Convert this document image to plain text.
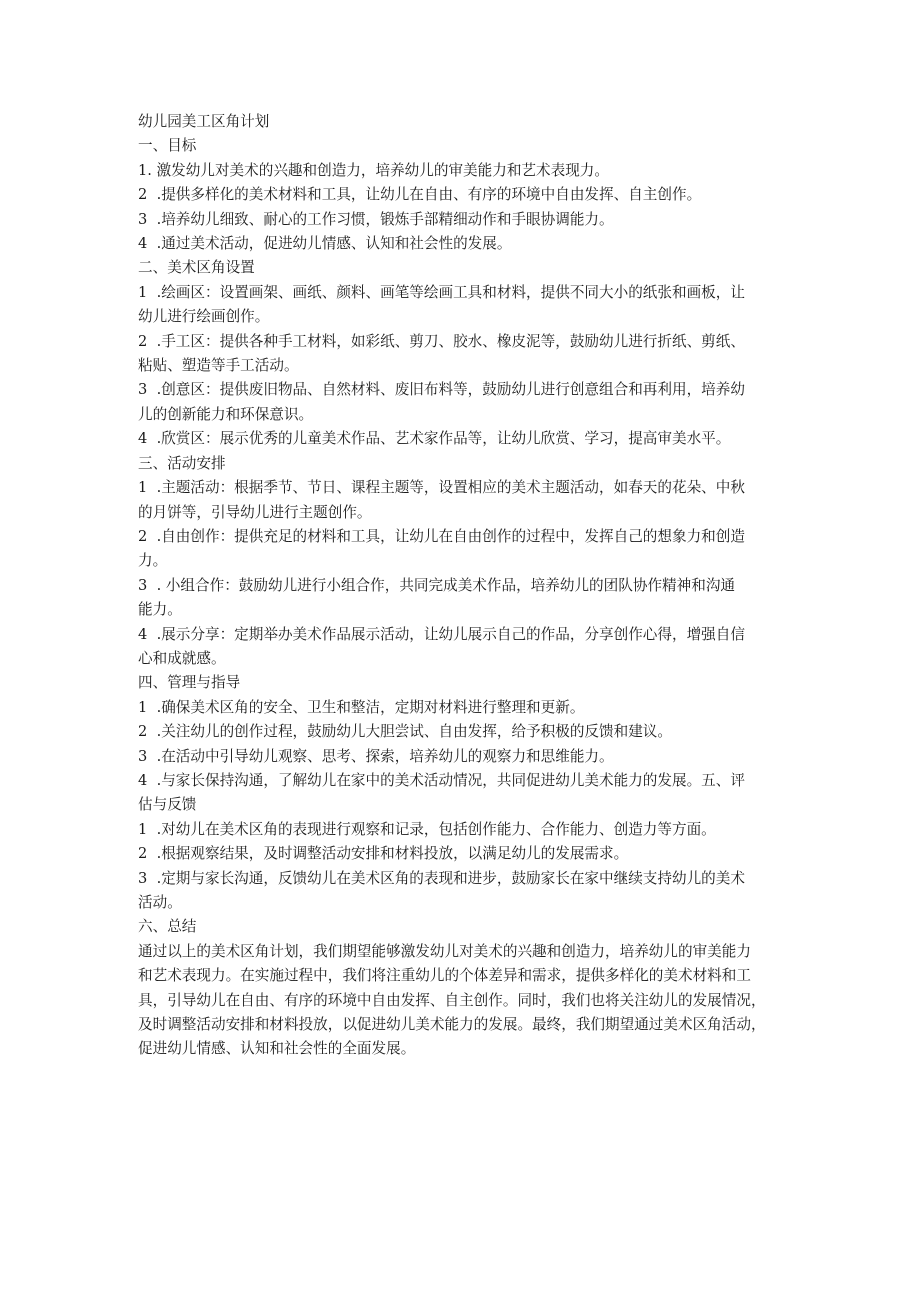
幼儿园美工区角计划
一、目标
1. 激发幼儿对美术的兴趣和创造力，培养幼儿的审美能力和艺术表现力。
2  .提供多样化的美术材料和工具，让幼儿在自由、有序的环境中自由发挥、自主创作。
3  .培养幼儿细致、耐心的工作习惯，锻炼手部精细动作和手眼协调能力。
4  .通过美术活动，促进幼儿情感、认知和社会性的发展。
二、美术区角设置
1  .绘画区：设置画架、画纸、颜料、画笔等绘画工具和材料，提供不同大小的纸张和画板，让
幼儿进行绘画创作。
2  .手工区：提供各种手工材料，如彩纸、剪刀、胶水、橡皮泥等，鼓励幼儿进行折纸、剪纸、
粘贴、塑造等手工活动。
3  .创意区：提供废旧物品、自然材料、废旧布料等，鼓励幼儿进行创意组合和再利用，培养幼
儿的创新能力和环保意识。
4  .欣赏区：展示优秀的儿童美术作品、艺术家作品等，让幼儿欣赏、学习，提高审美水平。
三、活动安排
1  .主题活动：根据季节、节日、课程主题等，设置相应的美术主题活动，如春天的花朵、中秋
的月饼等，引导幼儿进行主题创作。
2  .自由创作：提供充足的材料和工具，让幼儿在自由创作的过程中，发挥自己的想象力和创造
力。
3  . 小组合作：鼓励幼儿进行小组合作，共同完成美术作品，培养幼儿的团队协作精神和沟通
能力。
4  .展示分享：定期举办美术作品展示活动，让幼儿展示自己的作品，分享创作心得，增强自信
心和成就感。
四、管理与指导
1  .确保美术区角的安全、卫生和整洁，定期对材料进行整理和更新。
2  .关注幼儿的创作过程，鼓励幼儿大胆尝试、自由发挥，给予积极的反馈和建议。
3  .在活动中引导幼儿观察、思考、探索，培养幼儿的观察力和思维能力。
4  .与家长保持沟通，了解幼儿在家中的美术活动情况，共同促进幼儿美术能力的发展。五、评
估与反馈
1  .对幼儿在美术区角的表现进行观察和记录，包括创作能力、合作能力、创造力等方面。
2  .根据观察结果，及时调整活动安排和材料投放，以满足幼儿的发展需求。
3  .定期与家长沟通，反馈幼儿在美术区角的表现和进步，鼓励家长在家中继续支持幼儿的美术
活动。
六、总结
通过以上的美术区角计划，我们期望能够激发幼儿对美术的兴趣和创造力，培养幼儿的审美能力
和艺术表现力。在实施过程中，我们将注重幼儿的个体差异和需求，提供多样化的美术材料和工
具，引导幼儿在自由、有序的环境中自由发挥、自主创作。同时，我们也将关注幼儿的发展情况，
及时调整活动安排和材料投放，以促进幼儿美术能力的发展。最终，我们期望通过美术区角活动，
促进幼儿情感、认知和社会性的全面发展。
